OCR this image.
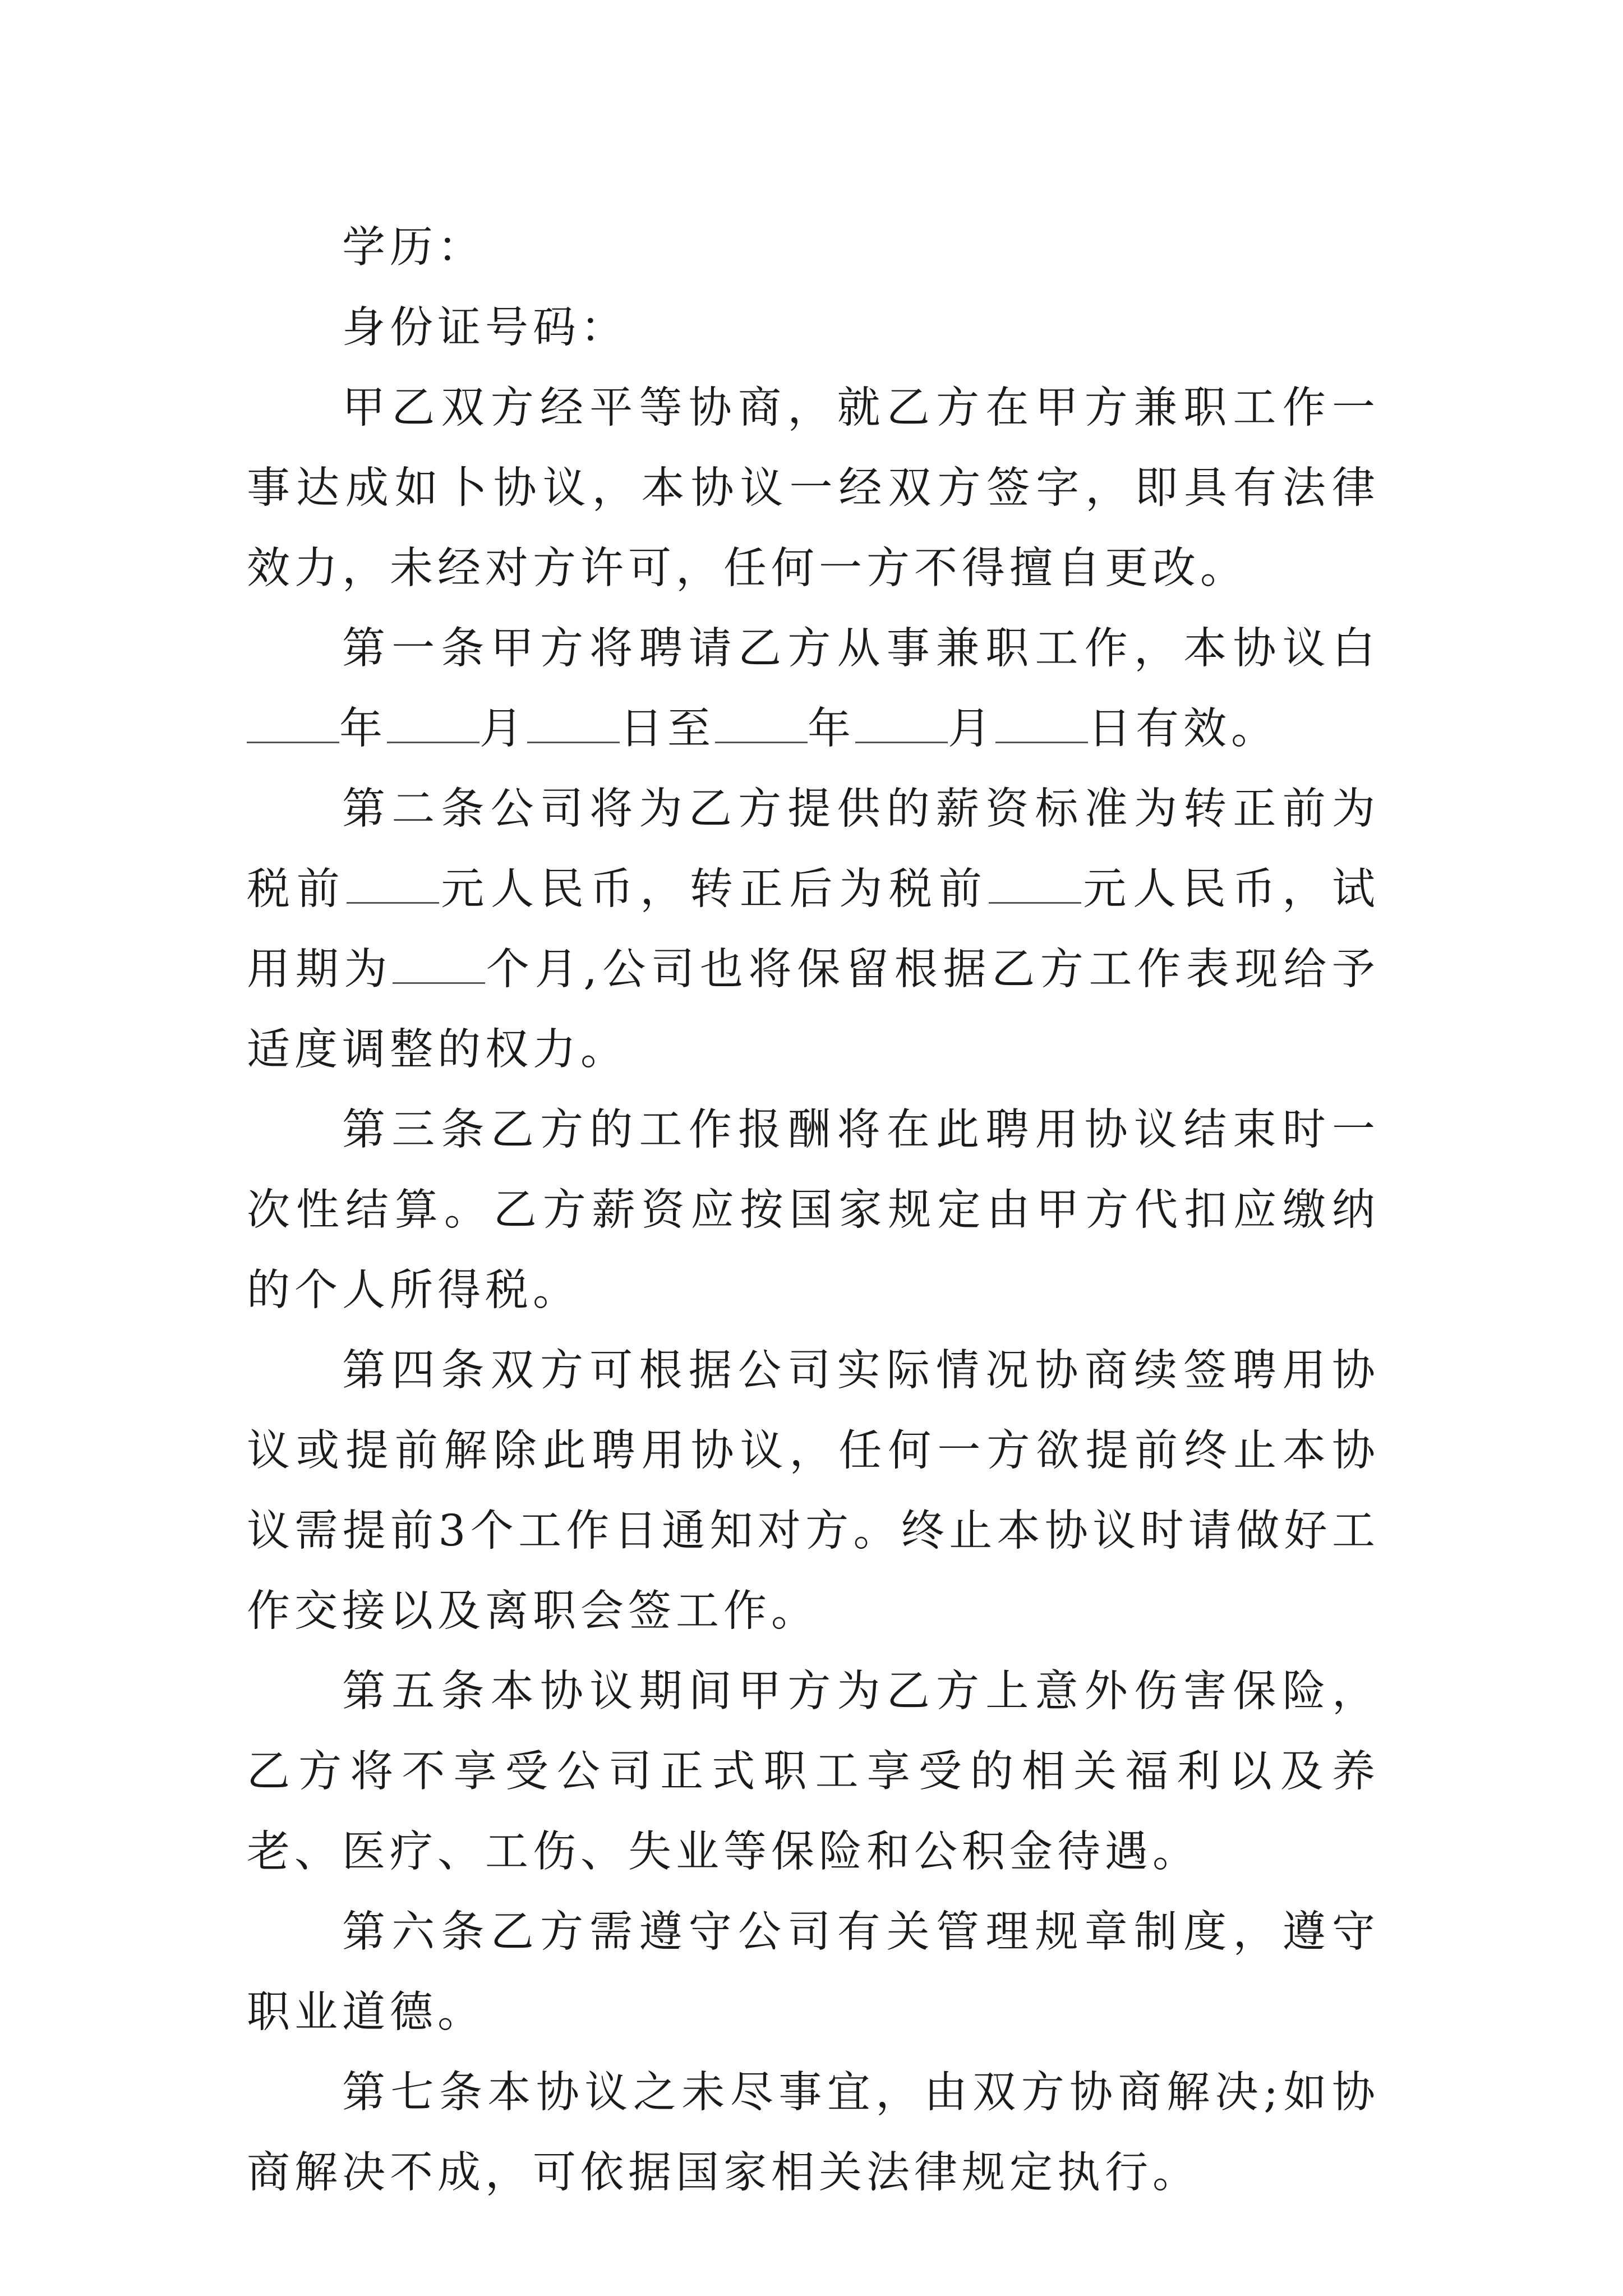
学历：

身份证号码：

甲乙双方经平等协商，就乙方在甲方兼职工作一事达成如卜协议，本协议一经双方签字，即具有法律效力，未经对方许可，任何一方不得擅自更改。

第一条甲方将聘请乙方从事兼职工作，本协议白年 月 日至 年 月 日有效。

第二条公司将为乙方提供的薪资标准为转正前为税前 元人民币，转正后为税前 元人民币，试用期为 个月,公司也将保留根据乙方工作表现给予适度调整的权力。

第三条乙方的工作报酬将在此聘用协议结束时一次性结算。乙方薪资应按国家规定由甲方代扣应缴纳的个人所得税。

第四条双方可根据公司实际情况协商续签聘用协议或提前解除此聘用协议，任何一方欲提前终止本协议需提前3个工作日通知对方。终止本协议时请做好工作交接以及离职会签工作。

第五条本协议期间甲方为乙方上意外伤害保险，乙方将不享受公司正式职工享受的相关福利以及养老、医疗、工伤、失业等保险和公积金待遇。

第六条乙方需遵守公司有关管理规章制度，遵守职业道德。

第七条本协议之未尽事宜，由双方协商解决;如协商解决不成，可依据国家相关法律规定执行。
